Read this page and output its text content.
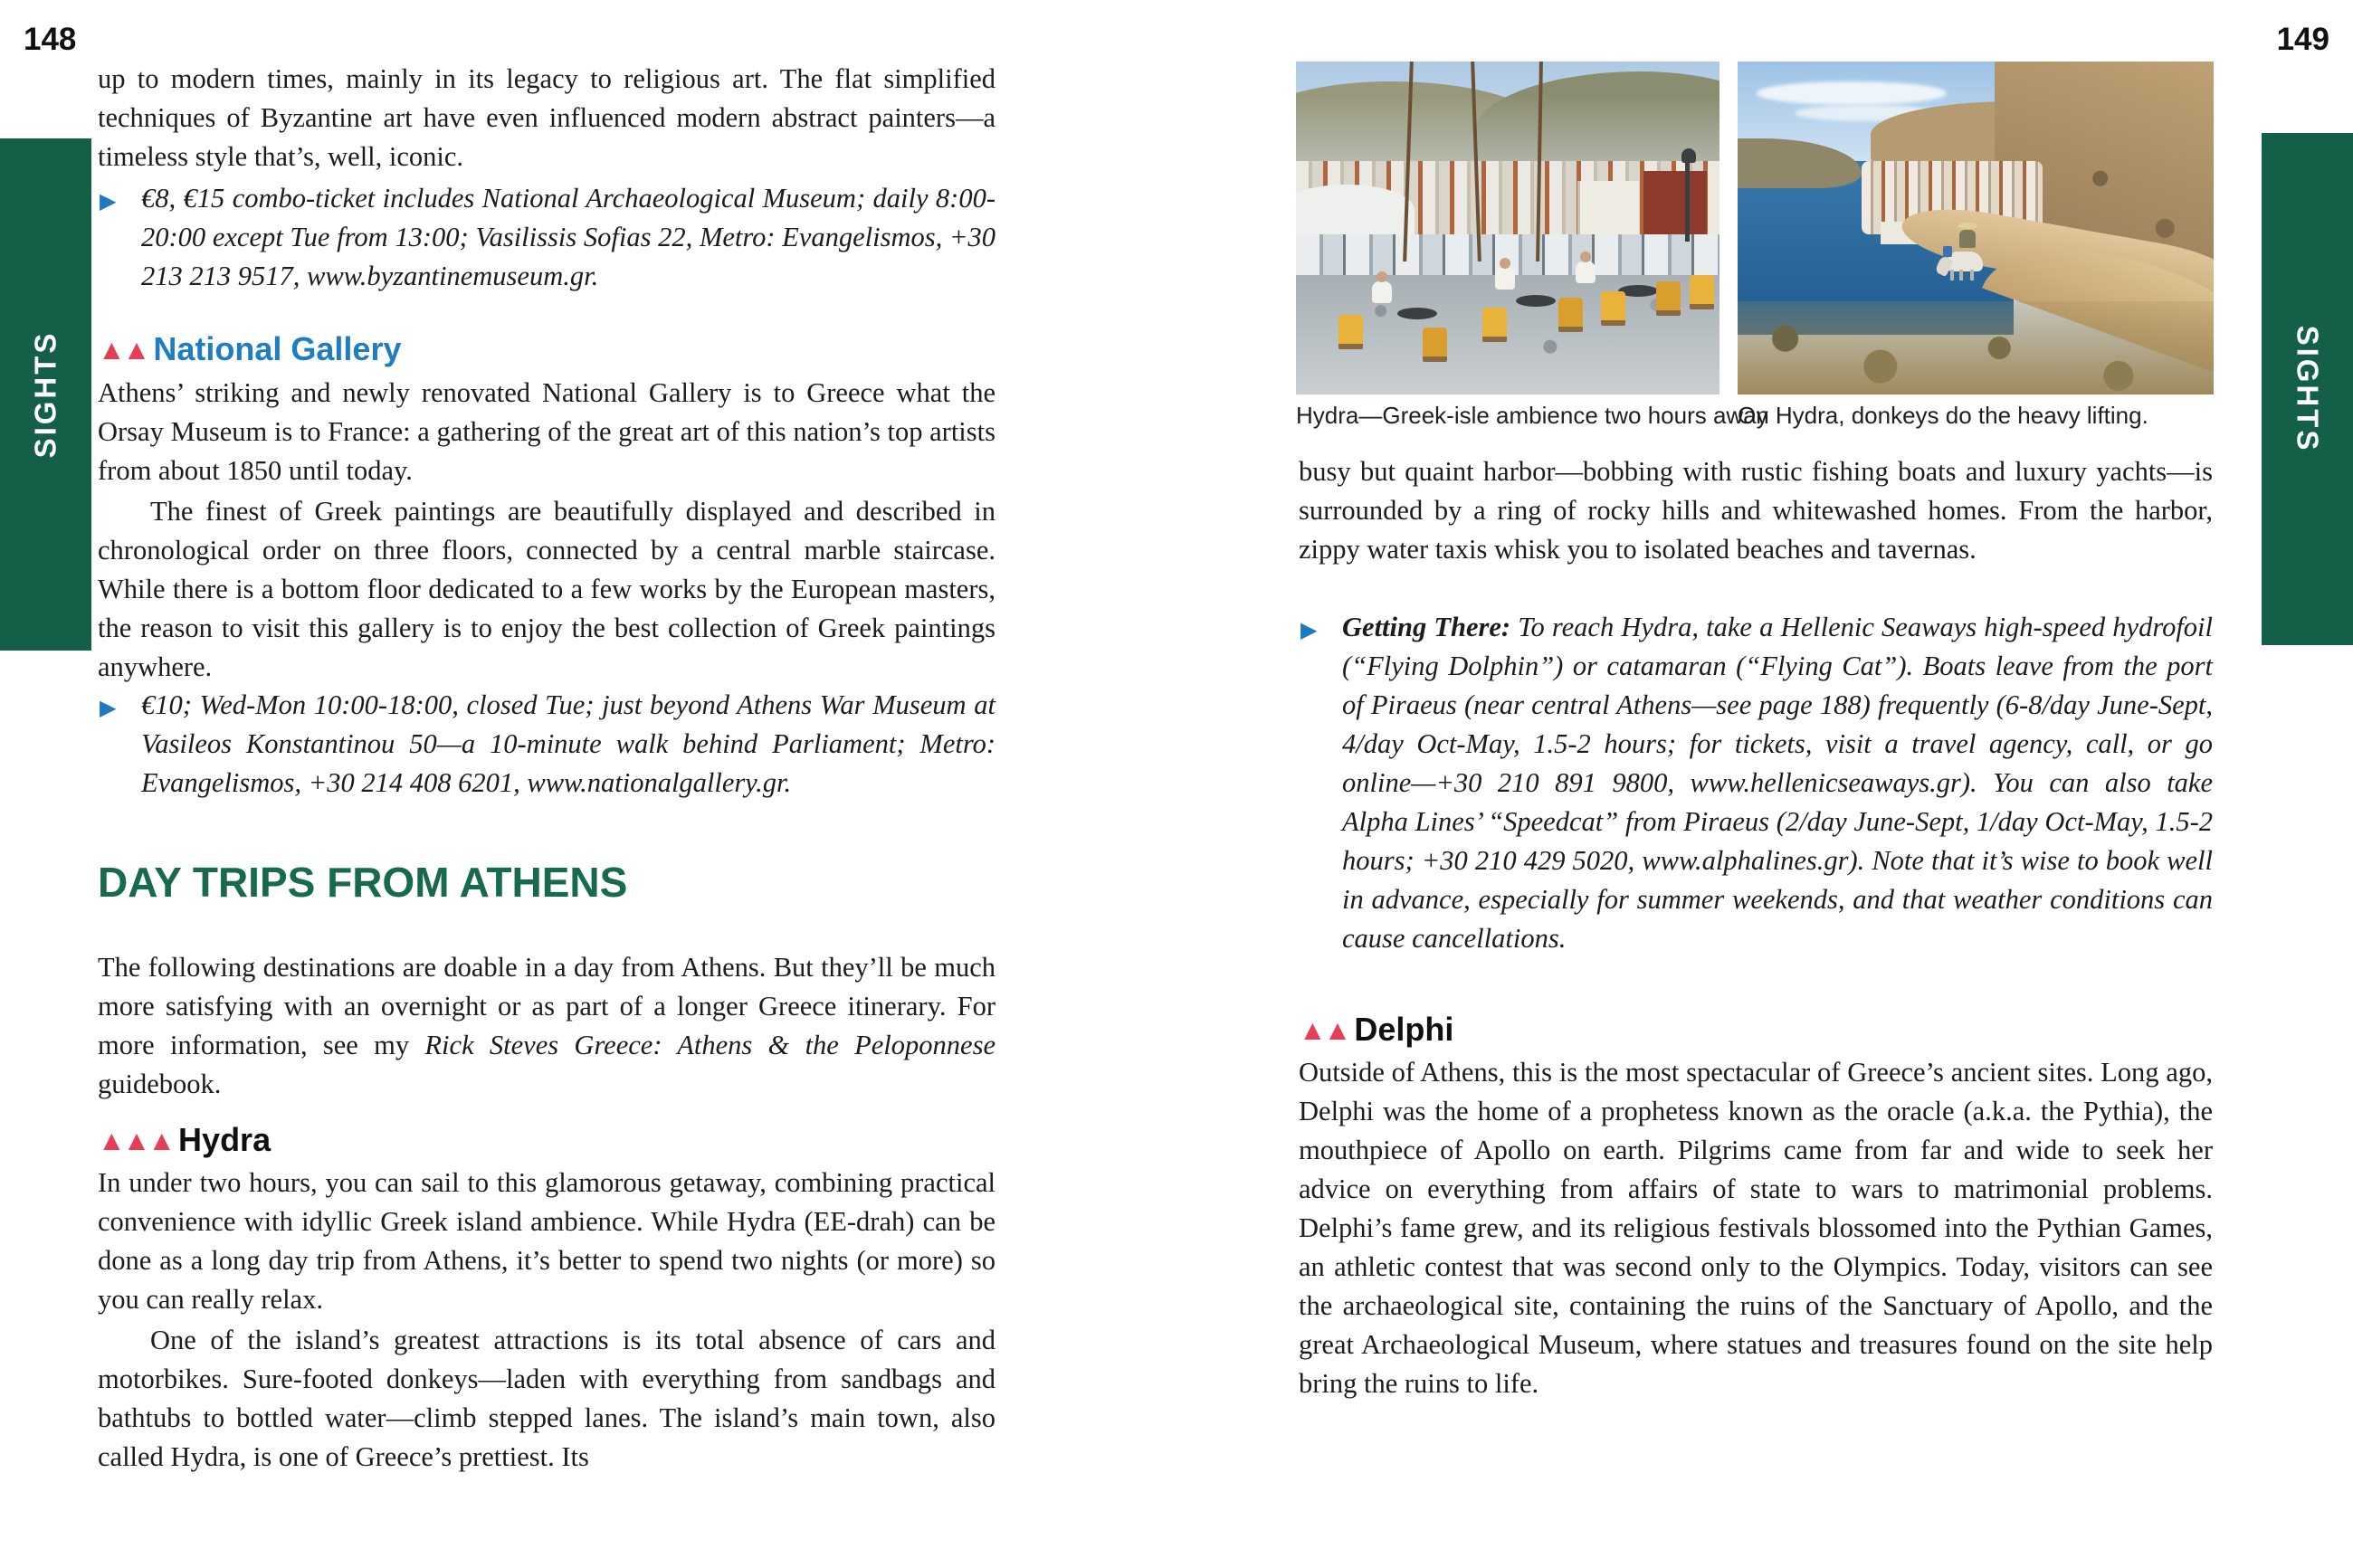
148	149
SIGHTS	SIGHTS
up to modern times, mainly in its legacy to religious art. The flat simplified techniques of Byzantine art have even influenced modern abstract painters—a timeless style that’s, well, iconic.
▶ €8, €15 combo-ticket includes National Archaeological Museum; daily 8:00-20:00 except Tue from 13:00; Vasilissis Sofias 22, Metro: Evangelismos, +30 213 213 9517, www.byzantinemuseum.gr.
▲▲ National Gallery
Athens’ striking and newly renovated National Gallery is to Greece what the Orsay Museum is to France: a gathering of the great art of this nation’s top artists from about 1850 until today.
The finest of Greek paintings are beautifully displayed and described in chronological order on three floors, connected by a central marble staircase. While there is a bottom floor dedicated to a few works by the European masters, the reason to visit this gallery is to enjoy the best collection of Greek paintings anywhere.
▶ €10; Wed-Mon 10:00-18:00, closed Tue; just beyond Athens War Museum at Vasileos Konstantinou 50—a 10-minute walk behind Parliament; Metro: Evangelismos, +30 214 408 6201, www.nationalgallery.gr.
DAY TRIPS FROM ATHENS
The following destinations are doable in a day from Athens. But they’ll be much more satisfying with an overnight or as part of a longer Greece itinerary. For more information, see my Rick Steves Greece: Athens & the Peloponnese guidebook.
▲▲▲ Hydra
In under two hours, you can sail to this glamorous getaway, combining practical convenience with idyllic Greek island ambience. While Hydra (EE-drah) can be done as a long day trip from Athens, it’s better to spend two nights (or more) so you can really relax.
One of the island’s greatest attractions is its total absence of cars and motorbikes. Sure-footed donkeys—laden with everything from sandbags and bathtubs to bottled water—climb stepped lanes. The island’s main town, also called Hydra, is one of Greece’s prettiest. Its
Hydra—Greek-isle ambience two hours away
On Hydra, donkeys do the heavy lifting.
busy but quaint harbor—bobbing with rustic fishing boats and luxury yachts—is surrounded by a ring of rocky hills and whitewashed homes. From the harbor, zippy water taxis whisk you to isolated beaches and tavernas.
▶ Getting There: To reach Hydra, take a Hellenic Seaways high-speed hydrofoil (“Flying Dolphin”) or catamaran (“Flying Cat”). Boats leave from the port of Piraeus (near central Athens—see page 188) frequently (6-8/day June-Sept, 4/day Oct-May, 1.5-2 hours; for tickets, visit a travel agency, call, or go online—+30 210 891 9800, www.hellenicseaways.gr). You can also take Alpha Lines’ “Speedcat” from Piraeus (2/day June-Sept, 1/day Oct-May, 1.5-2 hours; +30 210 429 5020, www.alphalines.gr). Note that it’s wise to book well in advance, especially for summer weekends, and that weather conditions can cause cancellations.
▲▲ Delphi
Outside of Athens, this is the most spectacular of Greece’s ancient sites. Long ago, Delphi was the home of a prophetess known as the oracle (a.k.a. the Pythia), the mouthpiece of Apollo on earth. Pilgrims came from far and wide to seek her advice on everything from affairs of state to wars to matrimonial problems. Delphi’s fame grew, and its religious festivals blossomed into the Pythian Games, an athletic contest that was second only to the Olympics. Today, visitors can see the archaeological site, containing the ruins of the Sanctuary of Apollo, and the great Archaeological Museum, where statues and treasures found on the site help bring the ruins to life.
